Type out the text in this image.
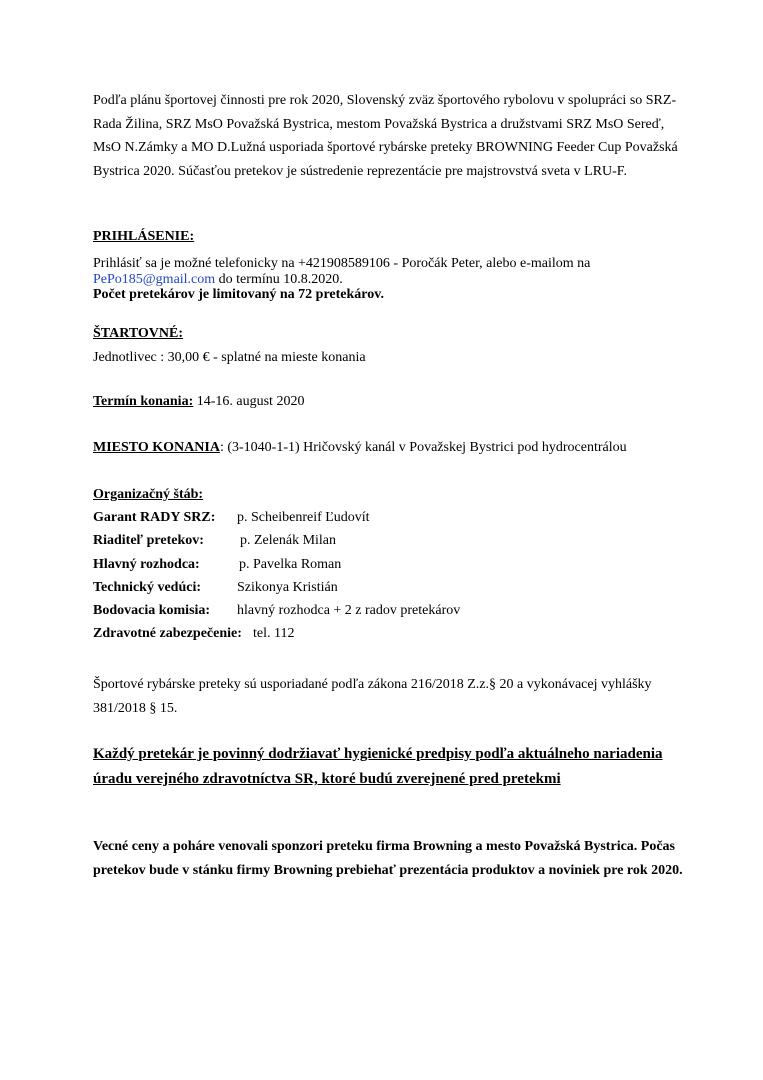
Podľa plánu športovej činnosti pre rok 2020, Slovenský zväz športového rybolovu v spolupráci so SRZ-Rada Žilina, SRZ MsO Považská Bystrica, mestom Považská Bystrica a družstvami SRZ MsO Sereď, MsO N.Zámky a MO D.Lužná usporiada športové rybárske preteky BROWNING Feeder Cup Považská Bystrica 2020. Súčasťou pretekov je sústredenie reprezentácie pre majstrovstvá sveta v LRU-F.

PRIHLÁSENIE:
Prihlásiť sa je možné telefonicky na +421908589106 - Poročák Peter, alebo e-mailom na
PePo185@gmail.com do termínu 10.8.2020.
Počet pretekárov je limitovaný na 72 pretekárov.
ŠTARTOVNÉ:
Jednotlivec : 30,00 € - splatné na mieste konania
Termín konania: 14-16. august 2020
MIESTO KONANIA: (3-1040-1-1) Hričovský kanál v Považskej Bystrici pod hydrocentrálou
Organizačný štáb:
Garant RADY SRZ: p. Scheibenreif Ľudovít
Riaditeľ pretekov:	p. Zelenák Milan
Hlavný rozhodca:	p. Pavelka Roman
Technický vedúci:	Szikonya Kristián
Bodovacia komisia: hlavný rozhodca + 2 z radov pretekárov
Zdravotné zabezpečenie: tel. 112
Športové rybárske preteky sú usporiadané podľa zákona 216/2018 Z.z.§ 20 a vykonávacej vyhlášky 381/2018 § 15.
Každý pretekár je povinný dodržiavať hygienické predpisy podľa aktuálneho nariadenia úradu verejného zdravotníctva SR, ktoré budú zverejnené pred pretekmi
Vecné ceny a poháre venovali sponzori preteku firma Browning a mesto Považská Bystrica. Počas pretekov bude v stánku firmy Browning prebiehať prezentácia produktov a noviniek pre rok 2020.
